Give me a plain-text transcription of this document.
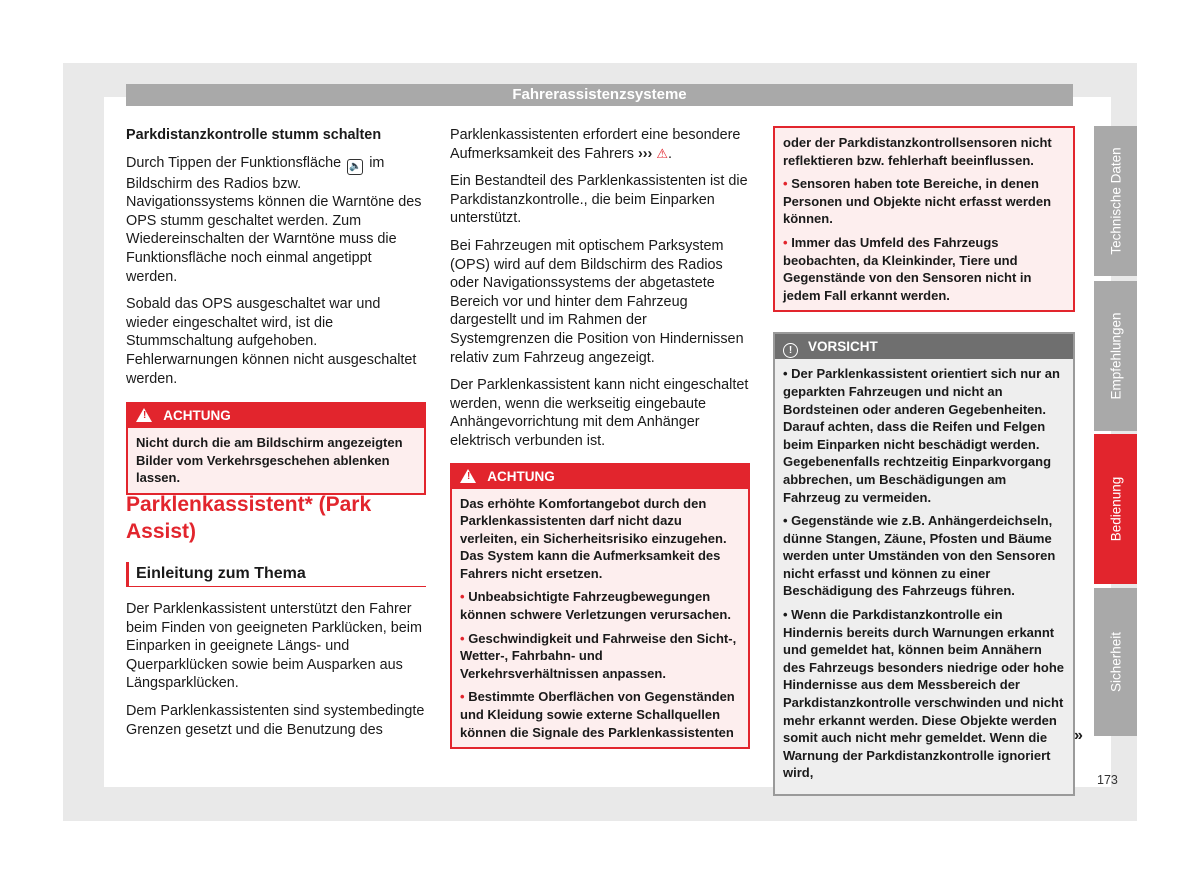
Fahrerassistenzsysteme

Parkdistanzkontrolle stumm schalten

Durch Tippen der Funktionsfläche 🔈 im Bildschirm des Radios bzw. Navigationssystems können die Warntöne des OPS stumm geschaltet werden. Zum Wiedereinschalten der Warntöne muss die Funktionsfläche noch einmal angetippt werden.

Sobald das OPS ausgeschaltet war und wieder eingeschaltet wird, ist die Stummschaltung aufgehoben. Fehlerwarnungen können nicht ausgeschaltet werden.

! ACHTUNG

Nicht durch die am Bildschirm angezeigten Bilder vom Verkehrsgeschehen ablenken lassen.

Parklenkassistent* (Park Assist)
Einleitung zum Thema

Der Parklenkassistent unterstützt den Fahrer beim Finden von geeigneten Parklücken, beim Einparken in geeignete Längs- und Querparklücken sowie beim Ausparken aus Längsparklücken.

Dem Parklenkassistenten sind systembedingte Grenzen gesetzt und die Benutzung des

Parklenkassistenten erfordert eine besondere Aufmerksamkeit des Fahrers ››› ⚠.

Ein Bestandteil des Parklenkassistenten ist die Parkdistanzkontrolle., die beim Einparken unterstützt.

Bei Fahrzeugen mit optischem Parksystem (OPS) wird auf dem Bildschirm des Radios oder Navigationssystems der abgetastete Bereich vor und hinter dem Fahrzeug dargestellt und im Rahmen der Systemgrenzen die Position von Hindernissen relativ zum Fahrzeug angezeigt.

Der Parklenkassistent kann nicht eingeschaltet werden, wenn die werkseitig eingebaute Anhängevorrichtung mit dem Anhänger elektrisch verbunden ist.

! ACHTUNG

Das erhöhte Komfortangebot durch den Parklenkassistenten darf nicht dazu verleiten, ein Sicherheitsrisiko einzugehen. Das System kann die Aufmerksamkeit des Fahrers nicht ersetzen.

• Unbeabsichtigte Fahrzeugbewegungen können schwere Verletzungen verursachen.

• Geschwindigkeit und Fahrweise den Sicht-, Wetter-, Fahrbahn- und Verkehrsverhältnissen anpassen.

• Bestimmte Oberflächen von Gegenständen und Kleidung sowie externe Schallquellen können die Signale des Parklenkassistenten

oder der Parkdistanzkontrollsensoren nicht reflektieren bzw. fehlerhaft beeinflussen.

• Sensoren haben tote Bereiche, in denen Personen und Objekte nicht erfasst werden können.

• Immer das Umfeld des Fahrzeugs beobachten, da Kleinkinder, Tiere und Gegenstände von den Sensoren nicht in jedem Fall erkannt werden.

! VORSICHT

• Der Parklenkassistent orientiert sich nur an geparkten Fahrzeugen und nicht an Bordsteinen oder anderen Gegebenheiten. Darauf achten, dass die Reifen und Felgen beim Einparken nicht beschädigt werden. Gegebenenfalls rechtzeitig Einparkvorgang abbrechen, um Beschädigungen am Fahrzeug zu vermeiden.

• Gegenstände wie z.B. Anhängerdeichseln, dünne Stangen, Zäune, Pfosten und Bäume werden unter Umständen von den Sensoren nicht erfasst und können zu einer Beschädigung des Fahrzeugs führen.

• Wenn die Parkdistanzkontrolle ein Hindernis bereits durch Warnungen erkannt und gemeldet hat, können beim Annähern des Fahrzeugs besonders niedrige oder hohe Hindernisse aus dem Messbereich der Parkdistanzkontrolle verschwinden und nicht mehr erkannt werden. Diese Objekte werden somit auch nicht mehr gemeldet. Wenn die Warnung der Parkdistanzkontrolle ignoriert wird,

»
Technische Daten
Empfehlungen
Bedienung
Sicherheit
173
